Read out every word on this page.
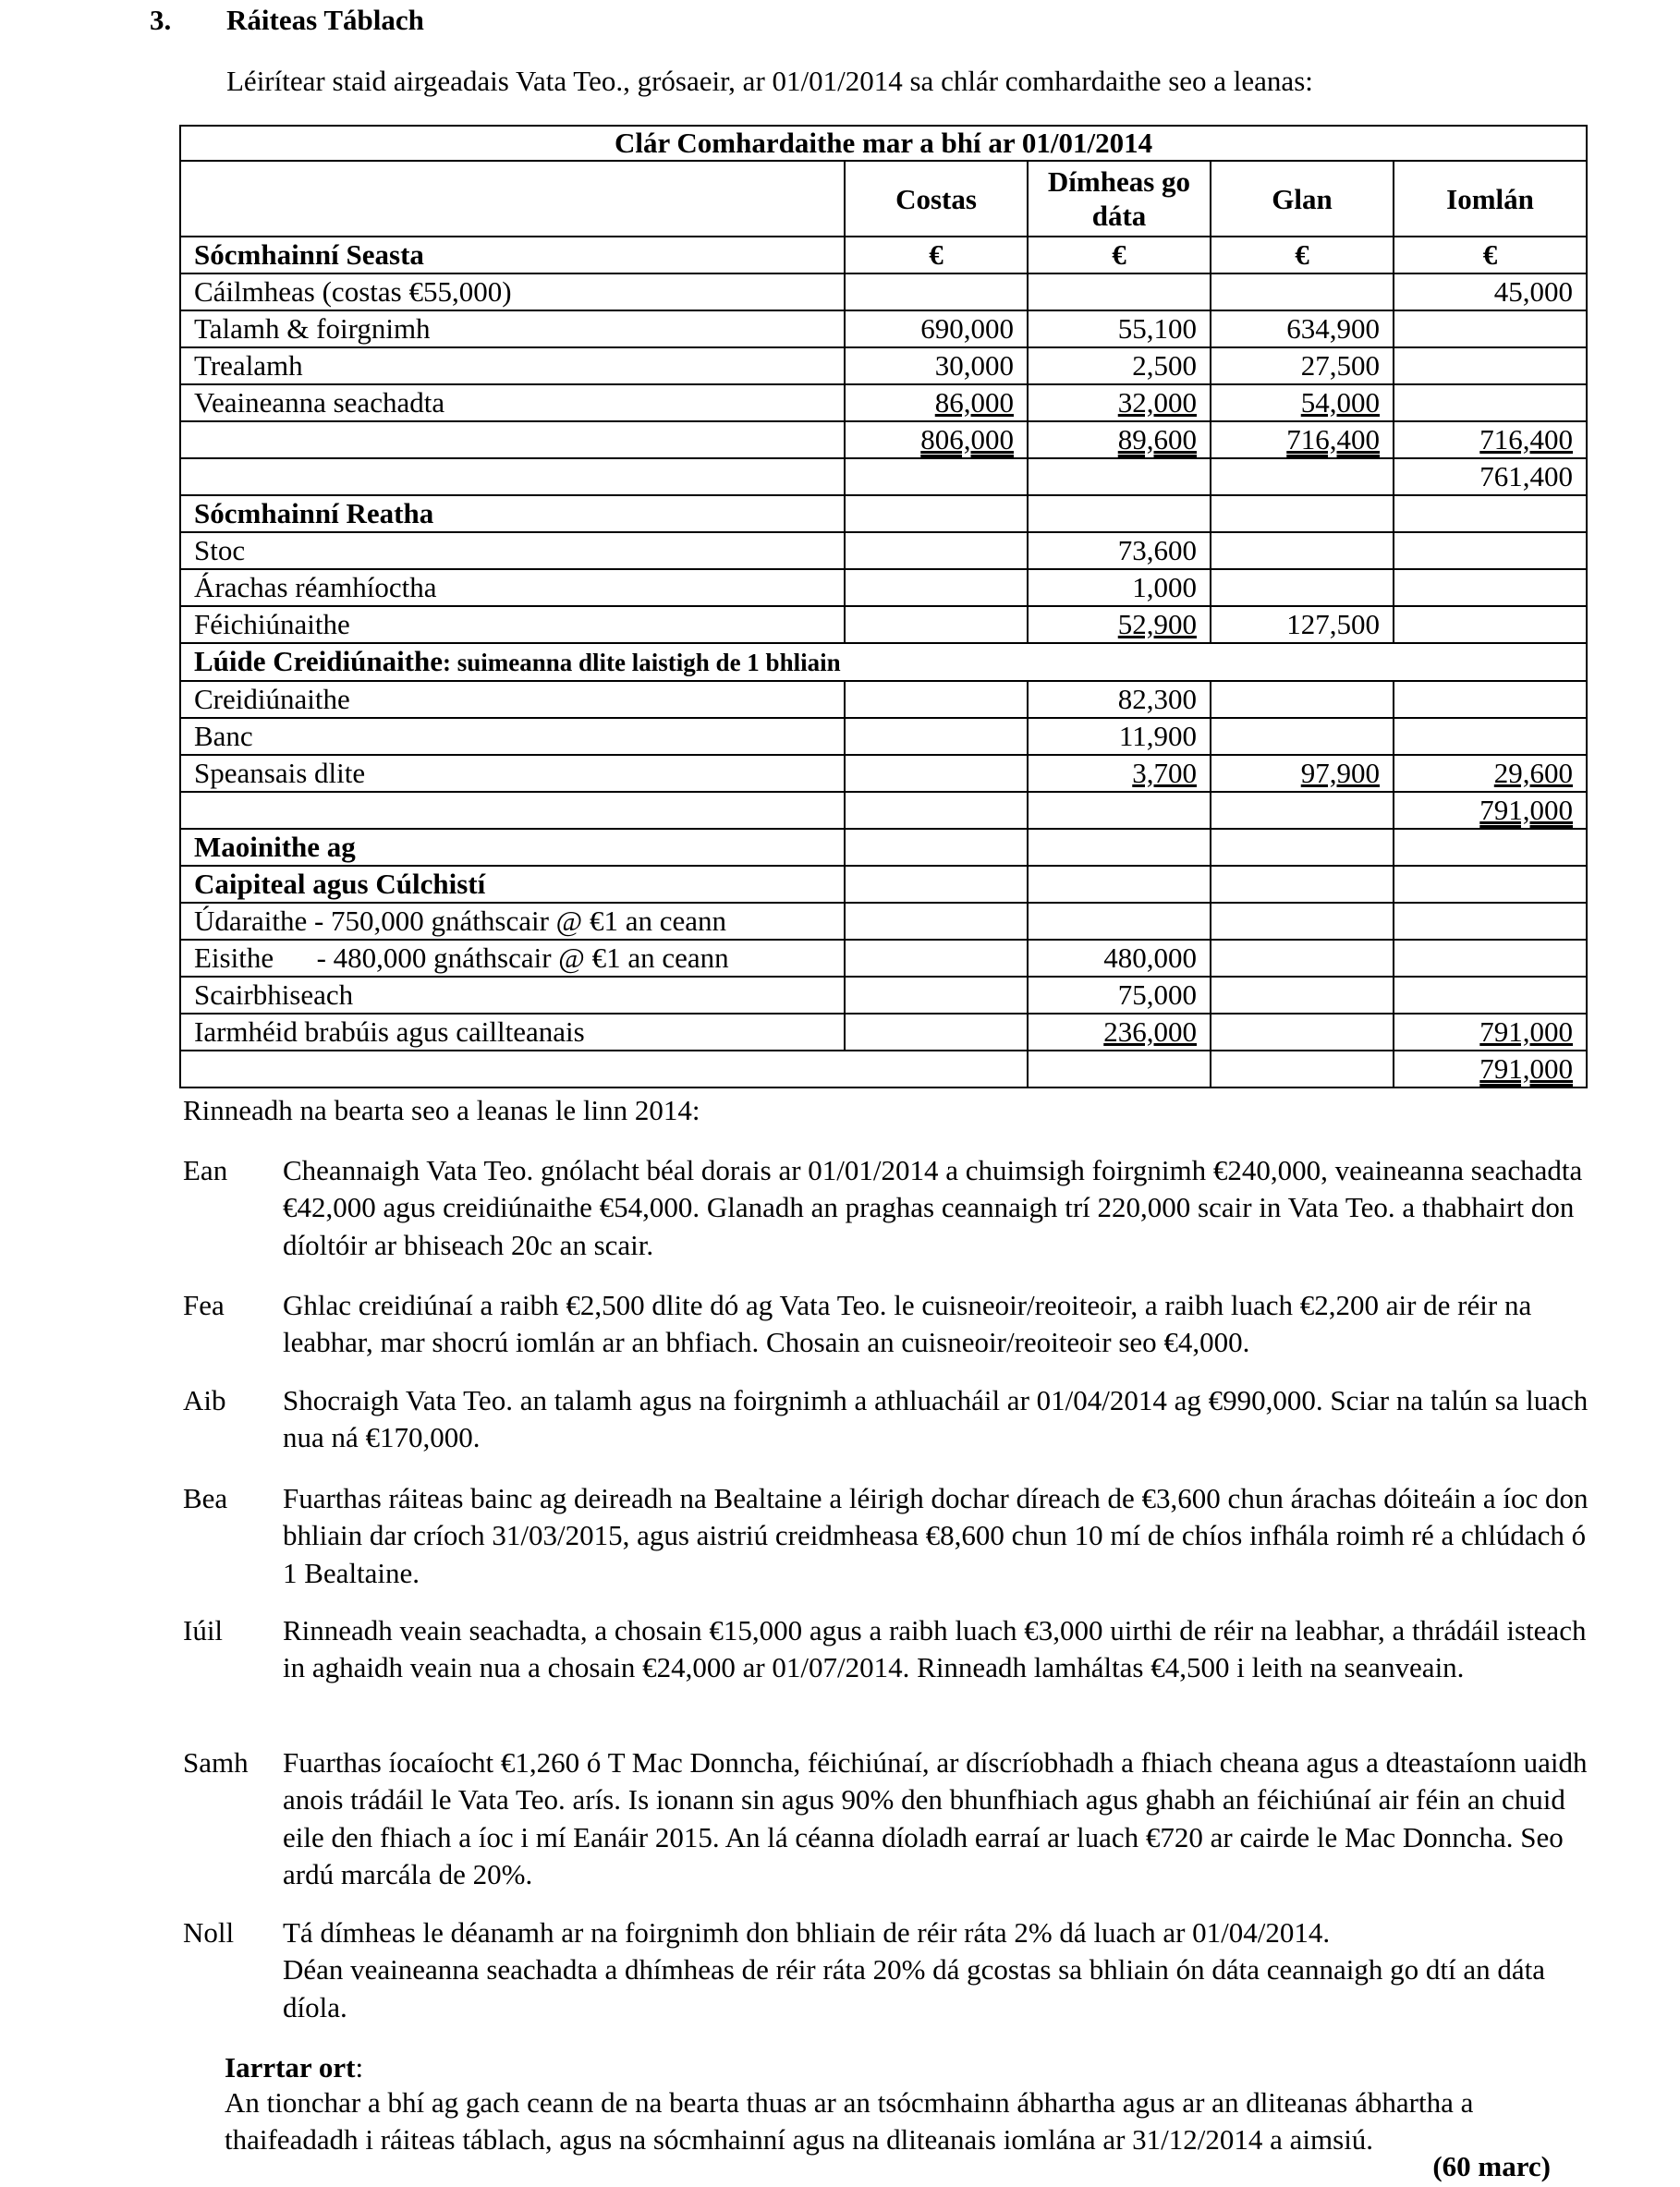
3. Ráiteas Táblach
Léirítear staid airgeadais Vata Teo., grósaeir, ar 01/01/2014 sa chlár comhardaithe seo a leanas:
Clár Comhardaithe mar a bhí ar 01/01/2014				
	Costas	Dímheas go dáta	Glan	Iomlán
Sócmhainní Seasta	€	€	€	€
Cáilmheas (costas €55,000)				45,000
Talamh & foirgnimh	690,000	55,100	634,900	
Trealamh	30,000	2,500	27,500	
Veaineanna seachadta	86,000	32,000	54,000	
	806,000	89,600	716,400	716,400
				761,400
Sócmhainní Reatha				
Stoc		73,600		
Árachas réamhíoctha		1,000		
Féichiúnaithe		52,900	127,500	
Lúide Creidiúnaithe: suimeanna dlite laistigh de 1 bhliain				
Creidiúnaithe		82,300		
Banc		11,900		
Speansais dlite		3,700	97,900	29,600
				791,000
Maoinithe ag				
Caipiteal agus Cúlchistí				
Údaraithe - 750,000 gnáthscair @ €1 an ceann				
Eisithe      - 480,000 gnáthscair @ €1 an ceann		480,000		
Scairbhiseach		75,000		
Iarmhéid brabúis agus caillteanais		236,000		791,000
				791,000
Rinneadh na bearta seo a leanas le linn 2014:
Ean	Cheannaigh Vata Teo. gnólacht béal dorais ar 01/01/2014 a chuimsigh foirgnimh €240,000, veaineanna seachadta €42,000 agus creidiúnaithe €54,000. Glanadh an praghas ceannaigh trí 220,000 scair in Vata Teo. a thabhairt don díoltóir ar bhiseach 20c an scair.
Fea	Ghlac creidiúnaí a raibh €2,500 dlite dó ag Vata Teo. le cuisneoir/reoiteoir, a raibh luach €2,200 air de réir na leabhar, mar shocrú iomlán ar an bhfiach. Chosain an cuisneoir/reoiteoir seo €4,000.
Aib	Shocraigh Vata Teo. an talamh agus na foirgnimh a athluacháil ar 01/04/2014 ag €990,000. Sciar na talún sa luach nua ná €170,000.
Bea	Fuarthas ráiteas bainc ag deireadh na Bealtaine a léirigh dochar díreach de €3,600 chun árachas dóiteáin a íoc don bhliain dar críoch 31/03/2015, agus aistriú creidmheasa €8,600 chun 10 mí de chíos infhála roimh ré a chlúdach ó 1 Bealtaine.
Iúil	Rinneadh veain seachadta, a chosain €15,000 agus a raibh luach €3,000 uirthi de réir na leabhar, a thrádáil isteach in aghaidh veain nua a chosain €24,000 ar 01/07/2014. Rinneadh lamháltas €4,500 i leith na seanveain.
Samh	Fuarthas íocaíocht €1,260 ó T Mac Donncha, féichiúnaí, ar díscríobhadh a fhiach cheana agus a dteastaíonn uaidh anois trádáil le Vata Teo. arís. Is ionann sin agus 90% den bhunfhiach agus ghabh an féichiúnaí air féin an chuid eile den fhiach a íoc i mí Eanáir 2015. An lá céanna díoladh earraí ar luach €720 ar cairde le Mac Donncha. Seo ardú marcála de 20%.
Noll	Tá dímheas le déanamh ar na foirgnimh don bhliain de réir ráta 2% dá luach ar 01/04/2014.
Déan veaineanna seachadta a dhímheas de réir ráta 20% dá gcostas sa bhliain ón dáta ceannaigh go dtí an dáta díola.
Iarrtar ort:
An tionchar a bhí ag gach ceann de na bearta thuas ar an tsócmhainn ábhartha agus ar an dliteanas ábhartha a thaifeadadh i ráiteas táblach, agus na sócmhainní agus na dliteanais iomlána ar 31/12/2014 a aimsiú.
(60 marc)
